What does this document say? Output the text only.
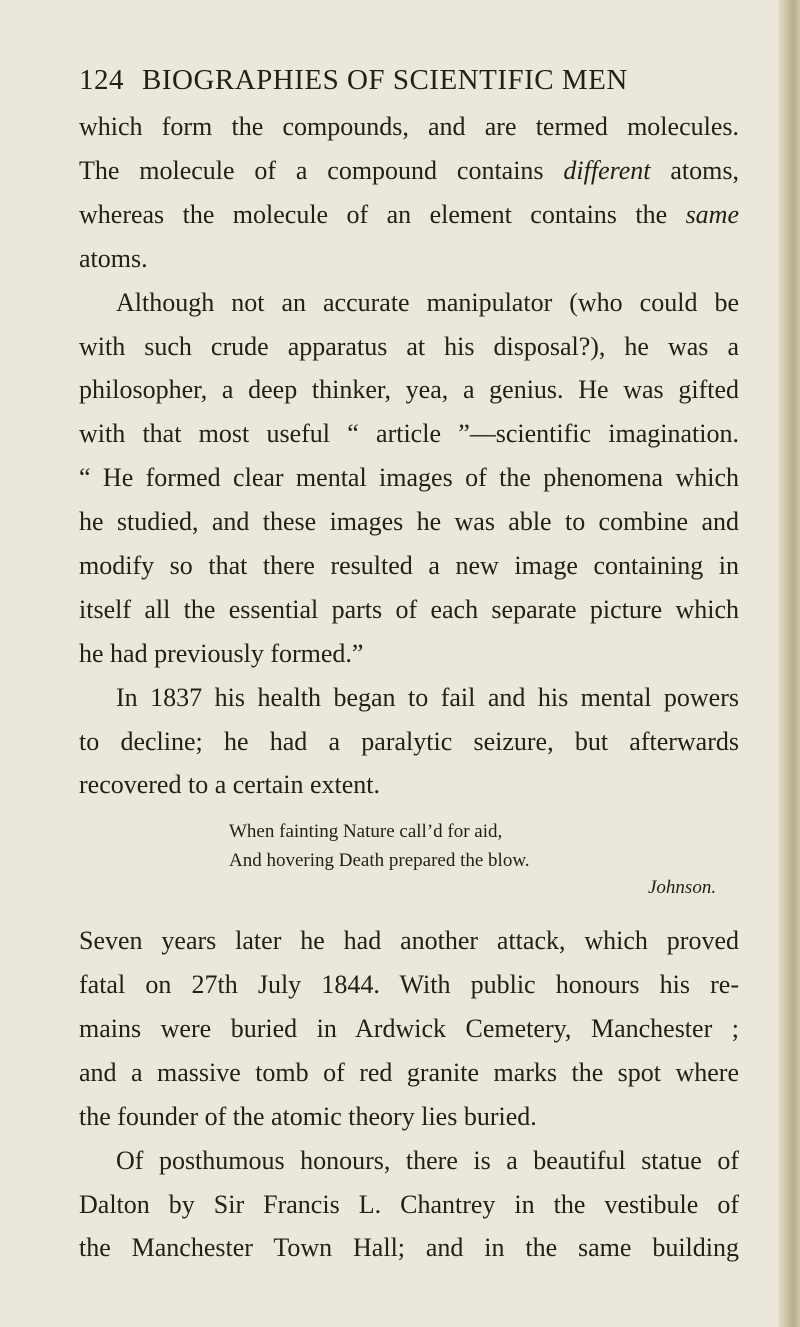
124 BIOGRAPHIES OF SCIENTIFIC MEN
which form the compounds, and are termed molecules.
The molecule of a compound contains different atoms,
whereas the molecule of an element contains the same
atoms.
Although not an accurate manipulator (who could be
with such crude apparatus at his disposal?), he was a
philosopher, a deep thinker, yea, a genius. He was gifted
with that most useful “ article ”—scientific imagination.
“ He formed clear mental images of the phenomena which
he studied, and these images he was able to combine and
modify so that there resulted a new image containing in
itself all the essential parts of each separate picture which
he had previously formed.”
In 1837 his health began to fail and his mental powers
to decline; he had a paralytic seizure, but afterwards
recovered to a certain extent.
When fainting Nature call’d for aid,
And hovering Death prepared the blow.
Johnson.
Seven years later he had another attack, which proved
fatal on 27th July 1844. With public honours his re-
mains were buried in Ardwick Cemetery, Manchester ;
and a massive tomb of red granite marks the spot where
the founder of the atomic theory lies buried.
Of posthumous honours, there is a beautiful statue of
Dalton by Sir Francis L. Chantrey in the vestibule of
the Manchester Town Hall; and in the same building
